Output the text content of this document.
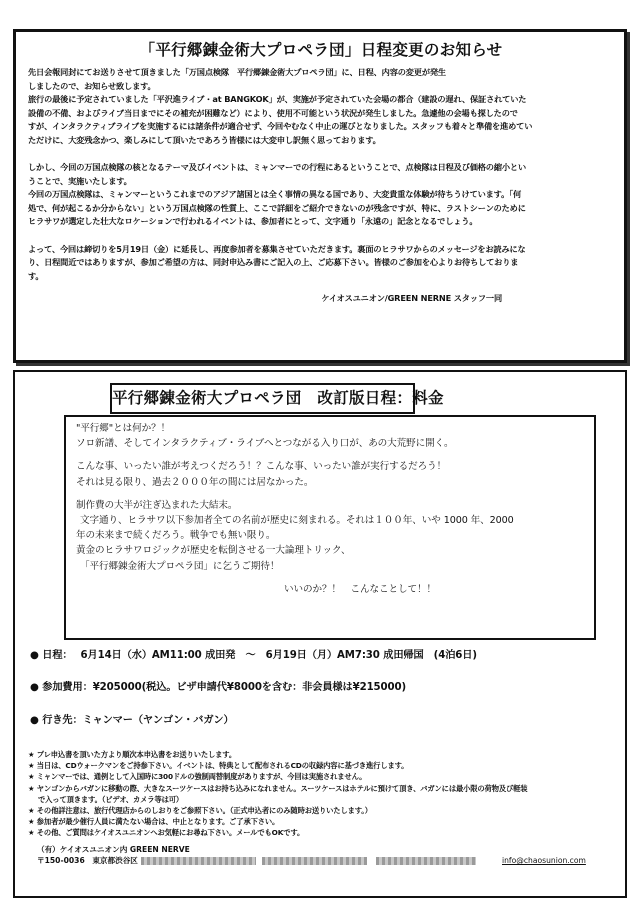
「平行郷錬金術大プロペラ団」日程変更のお知らせ

先日会報同封にてお送りさせて頂きました「万国点検隊　平行郷錬金術大プロペラ団」に、日程、内容の変更が発生

しましたので、お知らせ致します。

旅行の最後に予定されていました「平沢進ライブ・at BANGKOK」が、実施が予定されていた会場の都合（建設の遅れ、保証されていた

設備の不備、およびライブ当日までにその補充が困難など）により、使用不可能という状況が発生しました。急遽他の会場も探したので

すが、インタラクティブライブを実施するには諸条件が適合せず、今回やむなく中止の運びとなりました。スタッフも着々と準備を進めてい

ただけに、大変残念かつ、楽しみにして頂いたであろう皆様には大変申し訳無く思っております。

しかし、今回の万国点検隊の核となるテーマ及びイベントは、ミャンマーでの行程にあるということで、点検隊は日程及び価格の縮小とい

うことで、実施いたします。

今回の万国点検隊は、ミャンマーというこれまでのアジア諸国とは全く事情の異なる国であり、大変貴重な体験が待ちうけています。「何

処で、何が起こるか分からない」という万国点検隊の性質上、ここで詳細をご紹介できないのが残念ですが、特に、ラストシーンのために

ヒラサワが選定した壮大なロケーションで行われるイベントは、参加者にとって、文字通り「永遠の」記念となるでしょう。

よって、今回は締切りを5月19日（金）に延長し、再度参加者を募集させていただきます。裏面のヒラサワからのメッセージをお読みにな

り、日程間近ではありますが、参加ご希望の方は、同封申込み書にご記入の上、ご応募下さい。皆様のご参加を心よりお待ちしておりま

す。

ケイオスユニオン/GREEN NERNE スタッフ一同

平行郷錬金術大プロペラ団　改訂版日程：料金

"平行郷"とは何か？！

ソロ新譜、そしてインタラクティブ・ライブへとつながる入り口が、あの大荒野に開く。

こんな事、いったい誰が考えつくだろう！？こんな事、いったい誰が実行するだろう！

それは見る限り、過去２０００年の間には居なかった。

制作費の大半が注ぎ込まれた大結末。

文字通り、ヒラサワ以下参加者全ての名前が歴史に刻まれる。それは１００年、いや 1000 年、2000

年の未来まで続くだろう。戦争でも無い限り。

黄金のヒラサワロジックが歴史を転倒させる一大論理トリック、

「平行郷錬金術大プロペラ団」に乞うご期待！

いいのか？！　こんなことして！！

● 日程： 6月14日（水）AM11:00 成田発　～　6月19日（月）AM7:30 成田帰国　(4泊6日)
● 参加費用：¥205000(税込。ビザ申請代¥8000を含む：非会員様は¥215000)
● 行き先：ミャンマー（ヤンゴン・バガン）
★ プレ申込書を頂いた方より順次本申込書をお送りいたします。
★ 当日は、CDウォークマンをご持参下さい。イベントは、特典として配布されるCDの収録内容に基づき進行します。
★ ミャンマーでは、通例として入国時に300ドルの強制両替制度がありますが、今回は実施されません。
★ ヤンゴンからバガンに移動の際、大きなスーツケースはお持ち込みになれません。スーツケースはホテルに預けて頂き、バガンには最小限の荷物及び軽装
で入って頂きます。（ビデオ、カメラ等は可）
★ その他詳注意は、旅行代理店からのしおりをご参照下さい。（正式申込者にのみ随時お送りいたします。）
★ 参加者が最少催行人員に満たない場合は、中止となります。ご了承下さい。
★ その他、ご質問はケイオスユニオンへお気軽にお尋ね下さい。メールでもOKです。
（有）ケイオスユニオン内 GREEN NERVE
〒150-0036　東京都渋谷区	info@chaosunion.com
